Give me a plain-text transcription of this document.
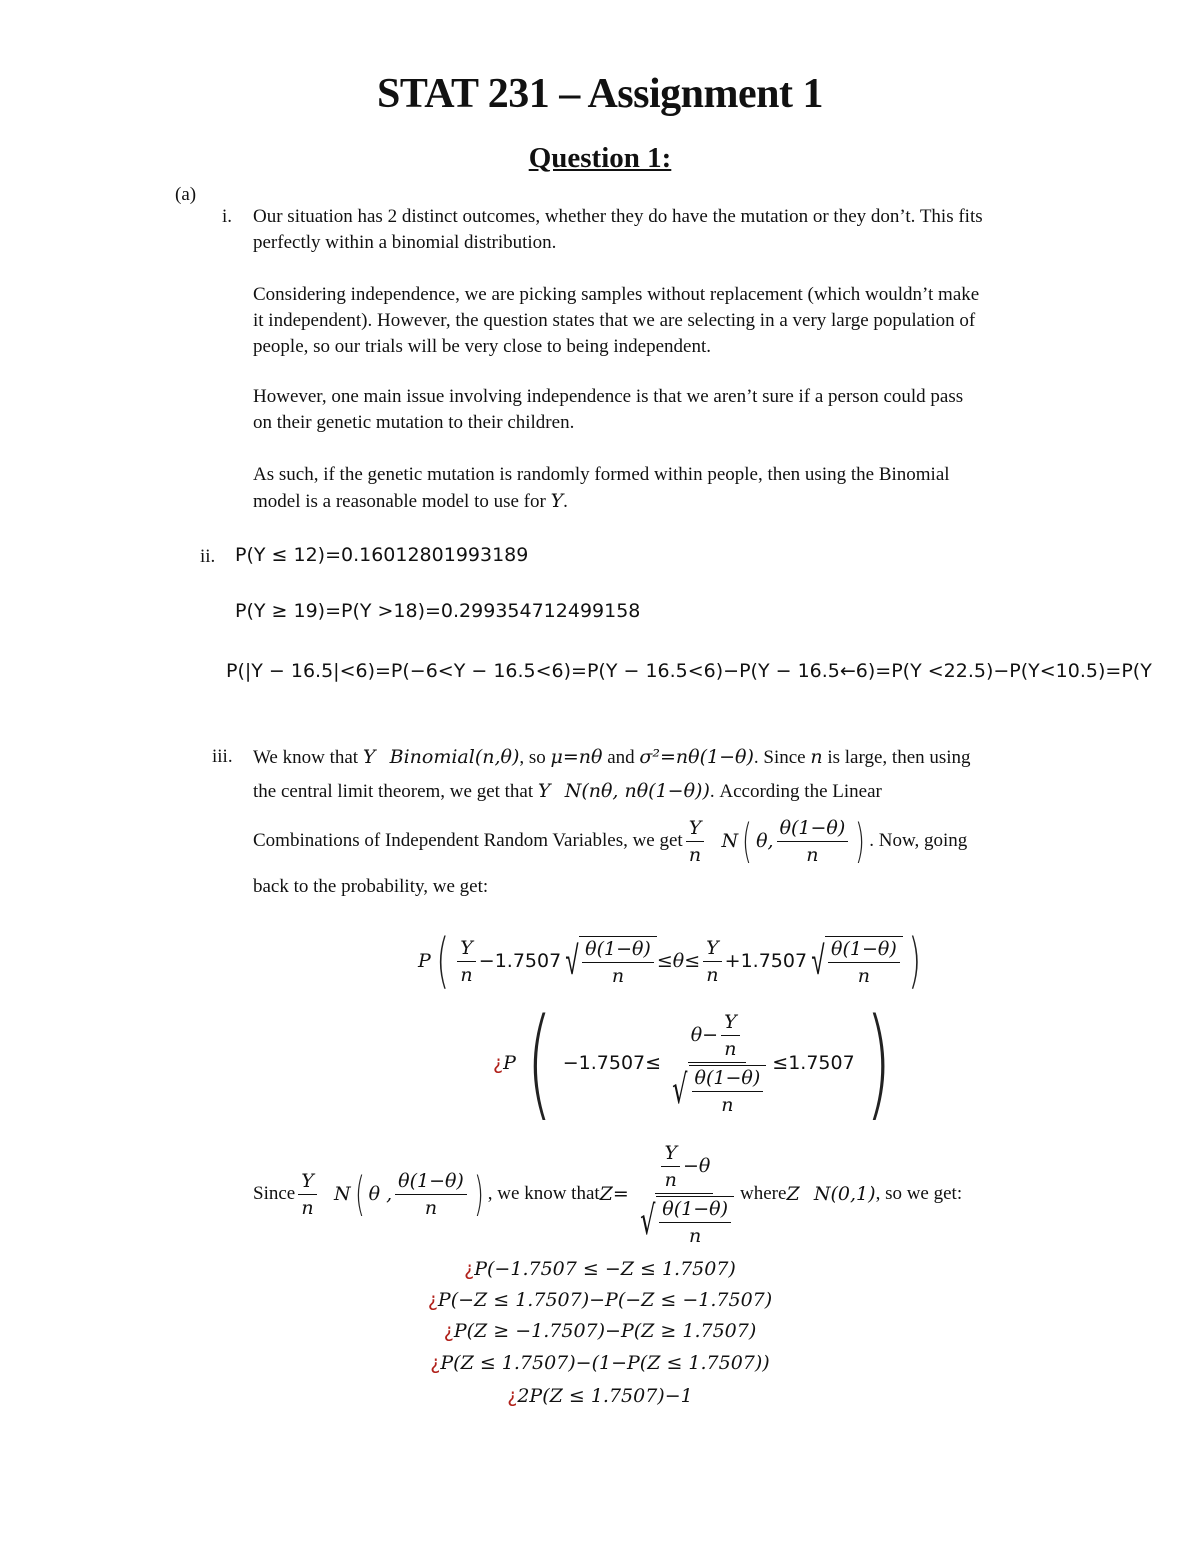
STAT 231 – Assignment 1
Question 1:
(a)
i. Our situation has 2 distinct outcomes, whether they do have the mutation or they don’t. This fits
perfectly within a binomial distribution.
Considering independence, we are picking samples without replacement (which wouldn’t make
it independent). However, the question states that we are selecting in a very large population of
people, so our trials will be very close to being independent.
However, one main issue involving independence is that we aren’t sure if a person could pass
on their genetic mutation to their children.
As such, if the genetic mutation is randomly formed within people, then using the Binomial
model is a reasonable model to use for Y.
ii. P(Y ≤ 12)=0.16012801993189
P(Y ≥ 19)=P(Y >18)=0.299354712499158
P(|Y − 16.5|<6)=P(−6<Y − 16.5<6)=P(Y − 16.5<6)−P(Y − 16.5←6)=P(Y <22.5)−P(Y<10.5)=P(Y
iii. We know that Y Binomial(n,θ), so μ=nθ and σ²=nθ(1−θ). Since n is large, then using
the central limit theorem, we get that Y N(nθ, nθ(1−θ)). According the Linear
Combinations of Independent Random Variables, we get $\frac{Y}{n}$
N ( θ, $\frac{\theta(1-\theta)}{n}$ ) . Now, going
back to the probability, we get:
P ( $\frac{Y}{n} -1.7507$ √ $\frac{\theta(1-\theta)}{n} \le\theta\le \frac{Y}{n} +1.7507$ √ $\frac{\theta(1-\theta)}{n}$ )
¿ P ( $-1.7507\le \frac{\theta- \frac{Y}{n}}{√ \frac{\theta(1-\theta)}{n}} \le 1.7507$ )
Since $\frac{Y}{n}$
N ( θ , $\frac{\theta(1-\theta)}{n}$ ) , we know that $Z= \frac{\frac{Y}{n} -\theta}{√ \frac{\theta(1-\theta)}{n}}$ where Z
N(0,1) , so we get:
¿P(−1.7507 ≤ −Z ≤ 1.7507)
¿P(−Z ≤ 1.7507)−P(−Z ≤ −1.7507)
¿P(Z ≥ −1.7507)−P(Z ≥ 1.7507)
¿P(Z ≤ 1.7507)−(1−P(Z ≤ 1.7507))
¿2P(Z ≤ 1.7507)−1
